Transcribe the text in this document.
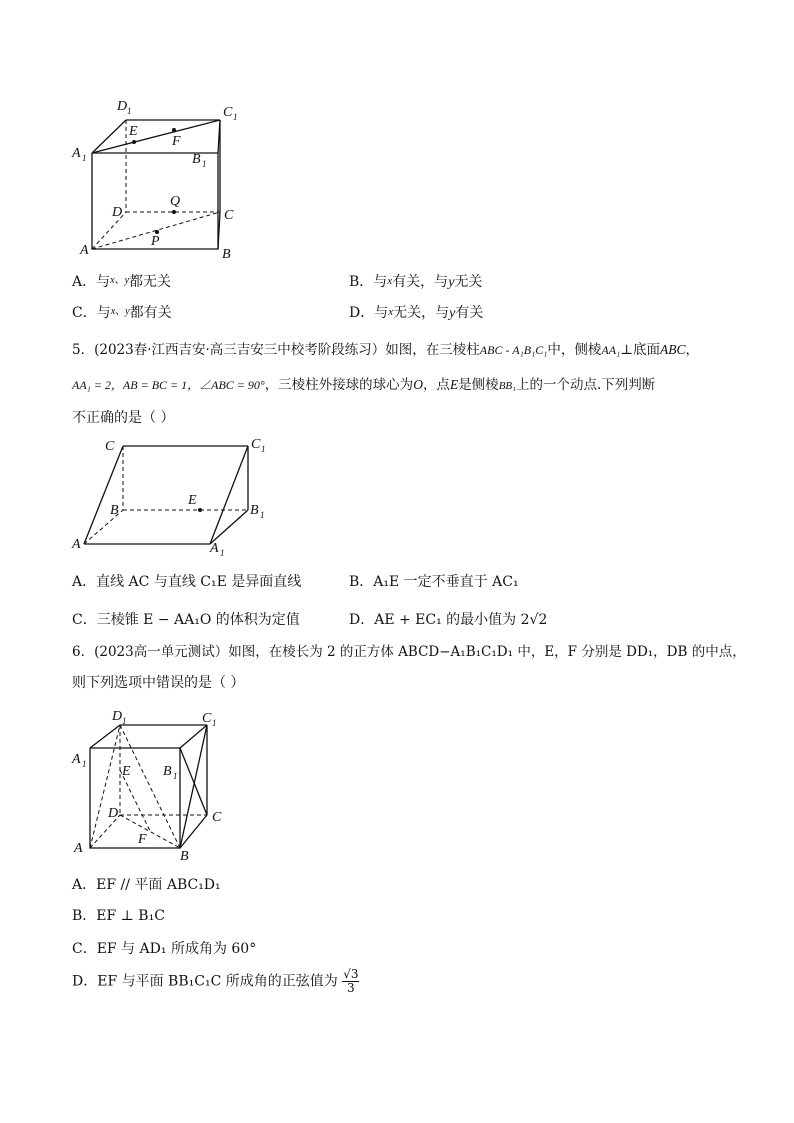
D 1	C 1
A 1	B 1
E
F
D
Q
C
A
P
B
A．与$^{x、y}$都无关	B．与x有关，与y无关
C．与$^{x、y}$都有关	D．与x无关，与y有关
5．(2023春·江西吉安·高三吉安三中校考阶段练习）如图，在三棱柱ABC - A₁B₁C₁中，侧棱AA₁⊥底面ABC，
AA₁ = 2，AB = BC = 1，∠ABC = 90°，三棱柱外接球的球心为O，点E是侧棱BB₁上的一个动点.下列判断
不正确的是（ ）
C	C 1
B
E
B 1
A	A 1
A．直线 AC 与直线 C₁E 是异面直线	B．A₁E 一定不垂直于 AC₁
C．三棱锥 E − AA₁O 的体积为定值	D．AE + EC₁ 的最小值为 2√2
6．(2023高一单元测试）如图，在棱长为 2 的正方体 ABCD−A₁B₁C₁D₁ 中，E，F 分别是 DD₁，DB 的中点，
则下列选项中错误的是（ ）
D 1	C 1
A 1	E B 1
D	C
F
A
B
A．EF // 平面 ABC₁D₁
B．EF ⊥ B₁C
C．EF 与 AD₁ 所成角为 60°
D．EF 与平面 BB₁C₁C 所成角的正弦值为 $\frac{√3}{3}$
